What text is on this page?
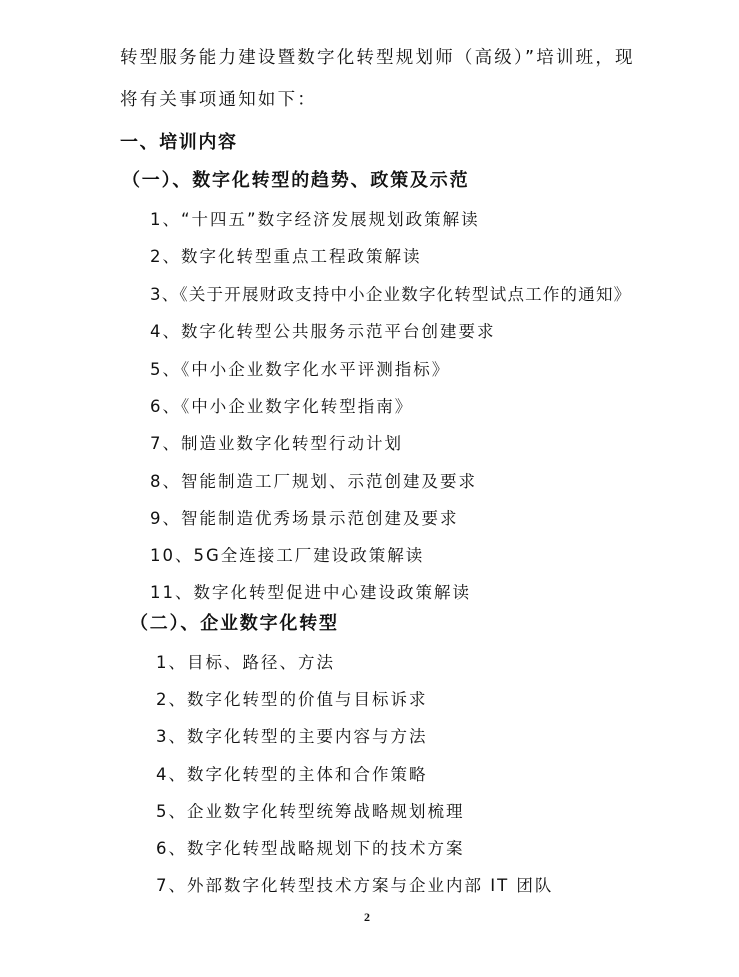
转型服务能力建设暨数字化转型规划师（高级）”培训班，现
将有关事项通知如下：
一、培训内容
（一）、数字化转型的趋势、政策及示范
1、“十四五”数字经济发展规划政策解读
2、数字化转型重点工程政策解读
3、《关于开展财政支持中小企业数字化转型试点工作的通知》
4、数字化转型公共服务示范平台创建要求
5、《中小企业数字化水平评测指标》
6、《中小企业数字化转型指南》
7、制造业数字化转型行动计划
8、智能制造工厂规划、示范创建及要求
9、智能制造优秀场景示范创建及要求
10、5G全连接工厂建设政策解读
11、数字化转型促进中心建设政策解读
（二）、企业数字化转型
1、目标、路径、方法
2、数字化转型的价值与目标诉求
3、数字化转型的主要内容与方法
4、数字化转型的主体和合作策略
5、企业数字化转型统筹战略规划梳理
6、数字化转型战略规划下的技术方案
7、外部数字化转型技术方案与企业内部 IT 团队
2
